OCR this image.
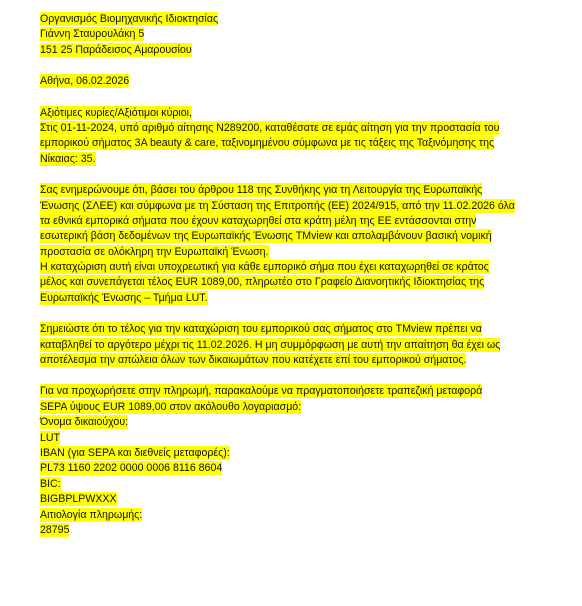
Οργανισμός Βιομηχανικής Ιδιοκτησίας
Γιάννη Σταυρουλάκη 5
151 25 Παράδεισος Αμαρουσίου
Αθήνα, 06.02.2026
Αξιότιμες κυρίες/Αξιότιμοι κύριοι,
Στις 01-11-2024, υπό αριθμό αίτησης N289200, καταθέσατε σε εμάς αίτηση για την προστασία του
εμπορικού σήματος 3A beauty & care, ταξινομημένου σύμφωνα με τις τάξεις της Ταξινόμησης της
Νίκαιας: 35.
Σας ενημερώνουμε ότι, βάσει του άρθρου 118 της Συνθήκης για τη Λειτουργία της Ευρωπαϊκής
Ένωσης (ΣΛΕΕ) και σύμφωνα με τη Σύσταση της Επιτροπής (ΕΕ) 2024/915, από την 11.02.2026 όλα
τα εθνικά εμπορικά σήματα που έχουν καταχωρηθεί στα κράτη μέλη της ΕΕ εντάσσονται στην
εσωτερική βάση δεδομένων της Ευρωπαϊκής Ένωσης TMview και απολαμβάνουν βασική νομική
προστασία σε ολόκληρη την Ευρωπαϊκή Ένωση.
Η καταχώριση αυτή είναι υποχρεωτική για κάθε εμπορικό σήμα που έχει καταχωρηθεί σε κράτος
μέλος και συνεπάγεται τέλος EUR 1089,00, πληρωτέο στο Γραφείο Διανοητικής Ιδιοκτησίας της
Ευρωπαϊκής Ένωσης – Τμήμα LUT.
Σημειώστε ότι το τέλος για την καταχώριση του εμπορικού σας σήματος στο TMview πρέπει να
καταβληθεί το αργότερο μέχρι τις 11.02.2026. Η μη συμμόρφωση με αυτή την απαίτηση θα έχει ως
αποτέλεσμα την απώλεια όλων των δικαιωμάτων που κατέχετε επί του εμπορικού σήματος.
Για να προχωρήσετε στην πληρωμή, παρακαλούμε να πραγματοποιήσετε τραπεζική μεταφορά
SEPA ύψους EUR 1089,00 στον ακόλουθο λογαριασμό:
Όνομα δικαιούχου:
LUT
IBAN (για SEPA και διεθνείς μεταφορές):
PL73 1160 2202 0000 0006 8116 8604
BIC:
BIGBPLPWXXX
Αιτιολογία πληρωμής:
28795
